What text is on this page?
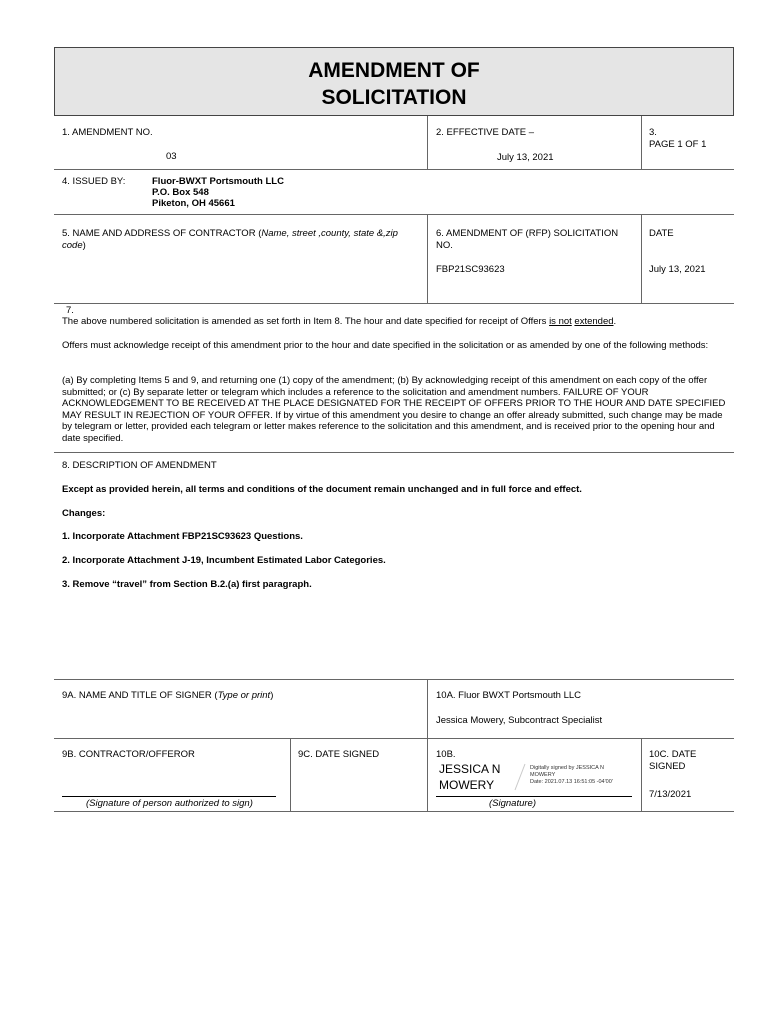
AMENDMENT OF
SOLICITATION
1. AMENDMENT NO.
03
2. EFFECTIVE DATE –
July 13, 2021
3.
PAGE 1 OF 1
4. ISSUED BY:	Fluor-BWXT Portsmouth LLC
P.O. Box 548
Piketon, OH 45661
5. NAME AND ADDRESS OF CONTRACTOR (Name, street ,county, state &,zip code)
6. AMENDMENT OF (RFP) SOLICITATION NO.
FBP21SC93623
DATE
July 13, 2021
7.
The above numbered solicitation is amended as set forth in Item 8. The hour and date specified for receipt of Offers is not extended.
Offers must acknowledge receipt of this amendment prior to the hour and date specified in the solicitation or as amended by one of the following methods:
(a) By completing Items 5 and 9, and returning one (1) copy of the amendment; (b) By acknowledging receipt of this amendment on each copy of the offer submitted; or (c) By separate letter or telegram which includes a reference to the solicitation and amendment numbers. FAILURE OF YOUR ACKNOWLEDGEMENT TO BE RECEIVED AT THE PLACE DESIGNATED FOR THE RECEIPT OF OFFERS PRIOR TO THE HOUR AND DATE SPECIFIED MAY RESULT IN REJECTION OF YOUR OFFER. If by virtue of this amendment you desire to change an offer already submitted, such change may be made by telegram or letter, provided each telegram or letter makes reference to the solicitation and this amendment, and is received prior to the opening hour and date specified.
8. DESCRIPTION OF AMENDMENT
Except as provided herein, all terms and conditions of the document remain unchanged and in full force and effect.
Changes:
1. Incorporate Attachment FBP21SC93623 Questions.
2. Incorporate Attachment J-19, Incumbent Estimated Labor Categories.
3. Remove “travel” from Section B.2.(a) first paragraph.
9A. NAME AND TITLE OF SIGNER (Type or print)	10A. Fluor BWXT Portsmouth LLC
Jessica Mowery, Subcontract Specialist
9B. CONTRACTOR/OFFEROR
(Signature of person authorized to sign)
9C. DATE SIGNED	10B.
JESSICA N
MOWERY
Digitally signed by JESSICA N
MOWERY
Date: 2021.07.13 16:51:05 -04'00'
(Signature)
10C. DATE SIGNED
7/13/2021
